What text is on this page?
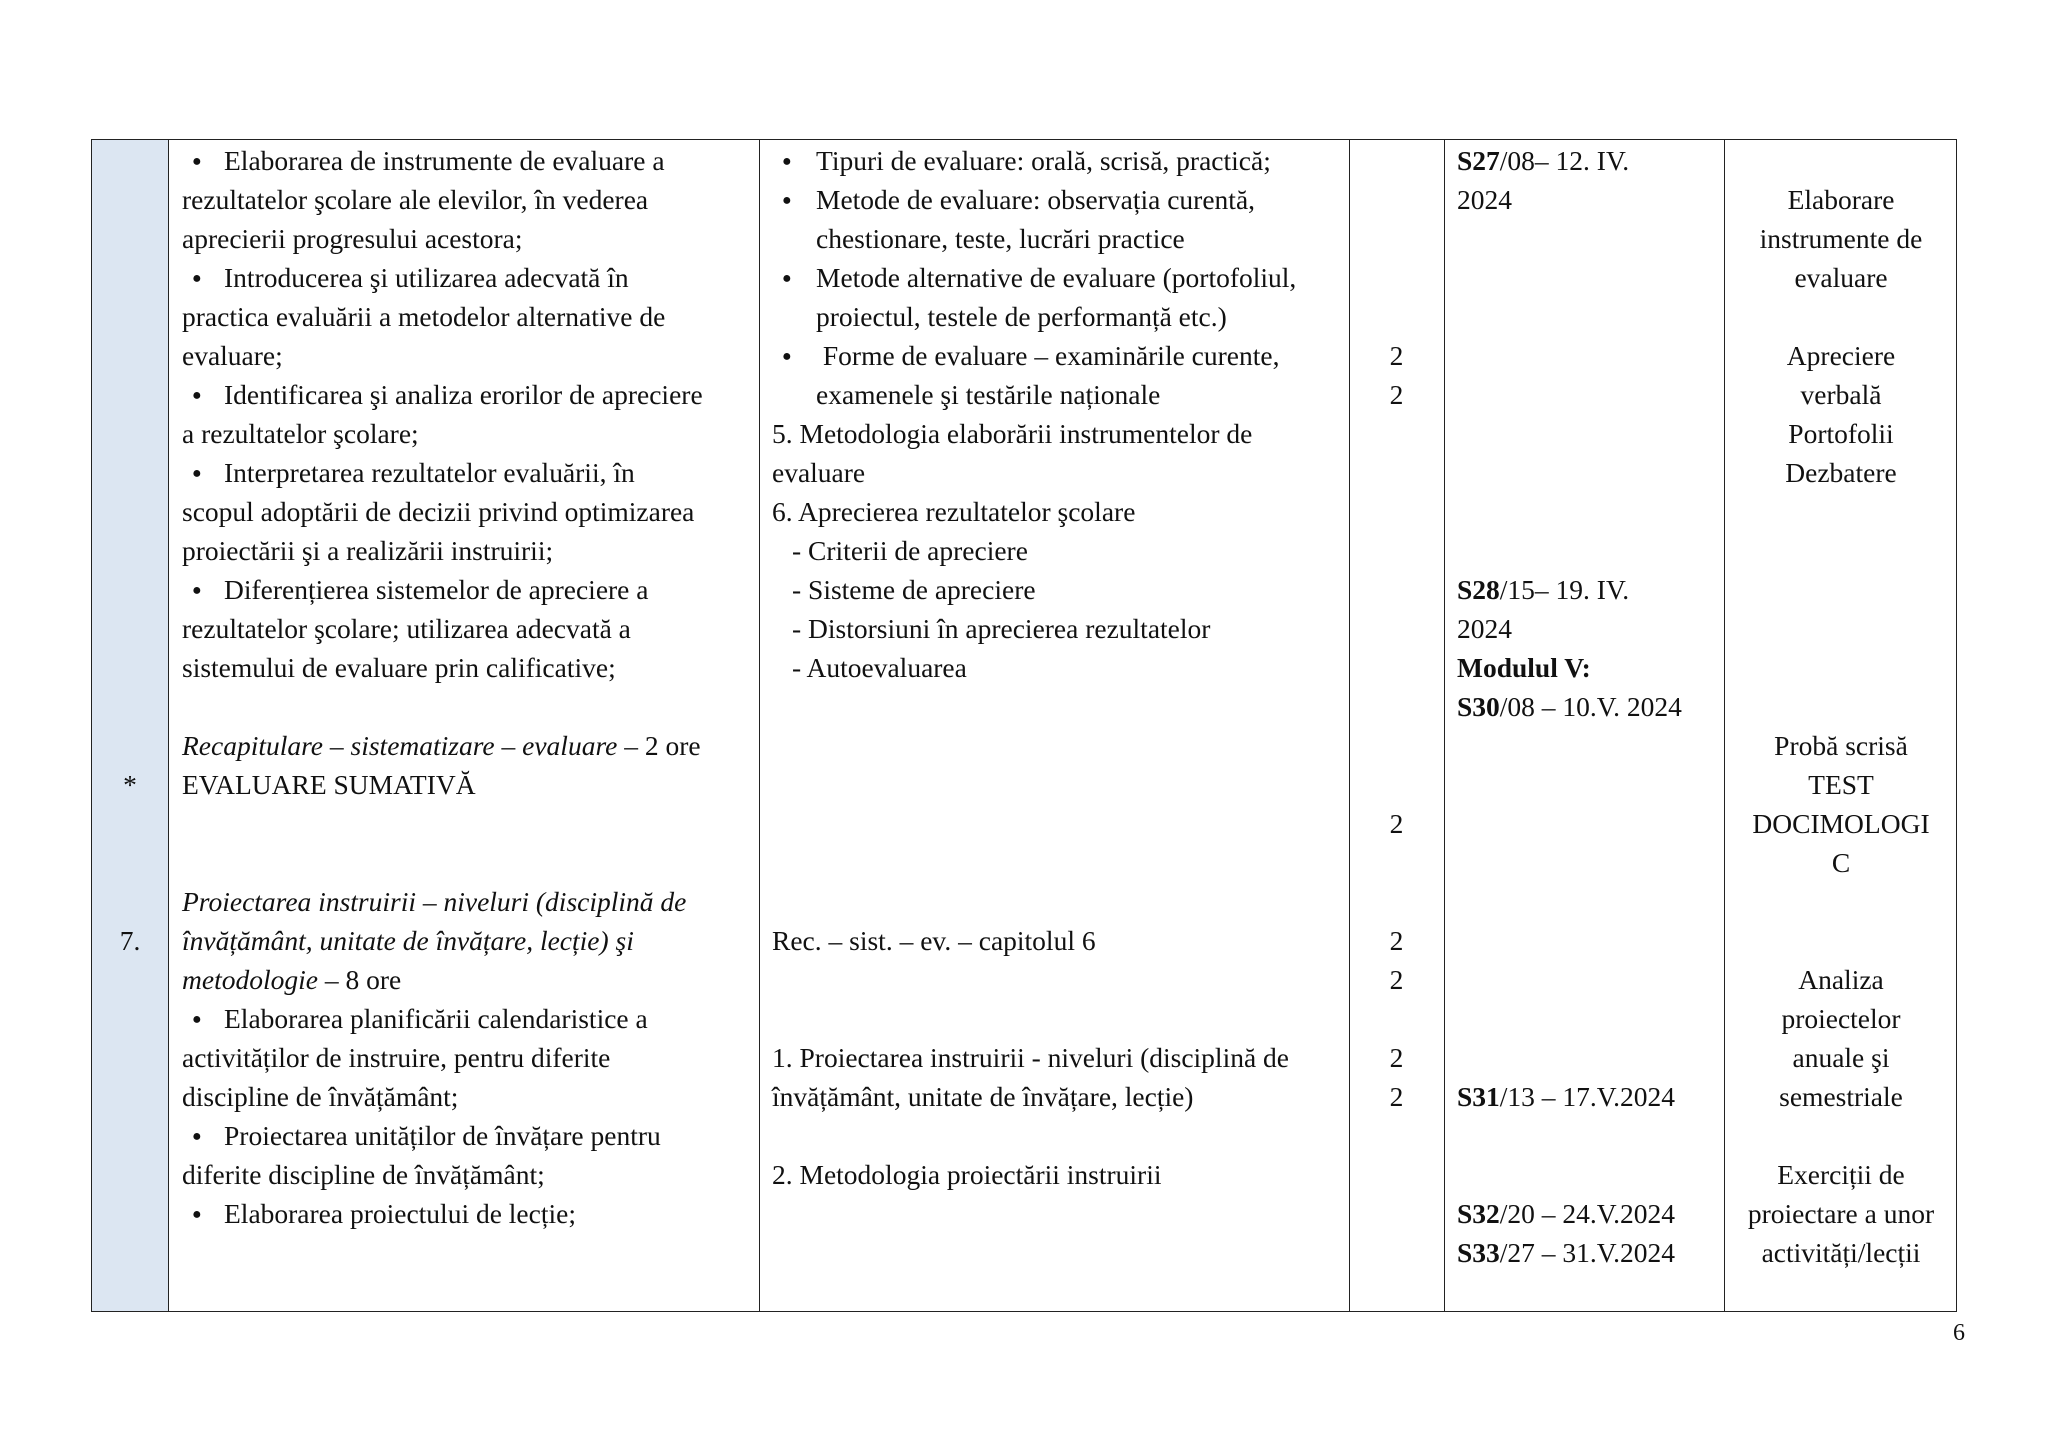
*
7.
●Elaborarea de instrumente de evaluare a
rezultatelor şcolare ale elevilor, în vederea
aprecierii progresului acestora;
●Introducerea şi utilizarea adecvată în
practica evaluării a metodelor alternative de
evaluare;
●Identificarea şi analiza erorilor de apreciere
a rezultatelor şcolare;
●Interpretarea rezultatelor evaluării, în
scopul adoptării de decizii privind optimizarea
proiectării şi a realizării instruirii;
●Diferențierea sistemelor de apreciere a
rezultatelor şcolare; utilizarea adecvată a
sistemului de evaluare prin calificative;
Recapitulare – sistematizare – evaluare – 2 ore
EVALUARE SUMATIVĂ
Proiectarea instruirii – niveluri (disciplină de
învățământ, unitate de învățare, lecție) şi
metodologie – 8 ore
●Elaborarea planificării calendaristice a
activităților de instruire, pentru diferite
discipline de învățământ;
●Proiectarea unităților de învățare pentru
diferite discipline de învățământ;
●Elaborarea proiectului de lecție;
●Tipuri de evaluare: orală, scrisă, practică;
●Metode de evaluare: observația curentă,
chestionare, teste, lucrări practice
●Metode alternative de evaluare (portofoliul,
proiectul, testele de performanță etc.)
● Forme de evaluare – examinările curente,
examenele şi testările naționale
5. Metodologia elaborării instrumentelor de
evaluare
6. Aprecierea rezultatelor şcolare
- Criterii de apreciere
- Sisteme de apreciere
- Distorsiuni în aprecierea rezultatelor
- Autoevaluarea
Rec. – sist. – ev. – capitolul 6
1. Proiectarea instruirii - niveluri (disciplină de
învățământ, unitate de învățare, lecție)
2. Metodologia proiectării instruirii
2
2
2
2
2
2
2
S27/08– 12. IV.
2024
S28/15– 19. IV.
2024
Modulul V:
S30/08 – 10.V. 2024
S31/13 – 17.V.2024
S32/20 – 24.V.2024
S33/27 – 31.V.2024
Elaborare
instrumente de
evaluare
Apreciere
verbală
Portofolii
Dezbatere
Probă scrisă
TEST
DOCIMOLOGI
C
Analiza
proiectelor
anuale şi
semestriale
Exerciții de
proiectare a unor
activități/lecții
6
